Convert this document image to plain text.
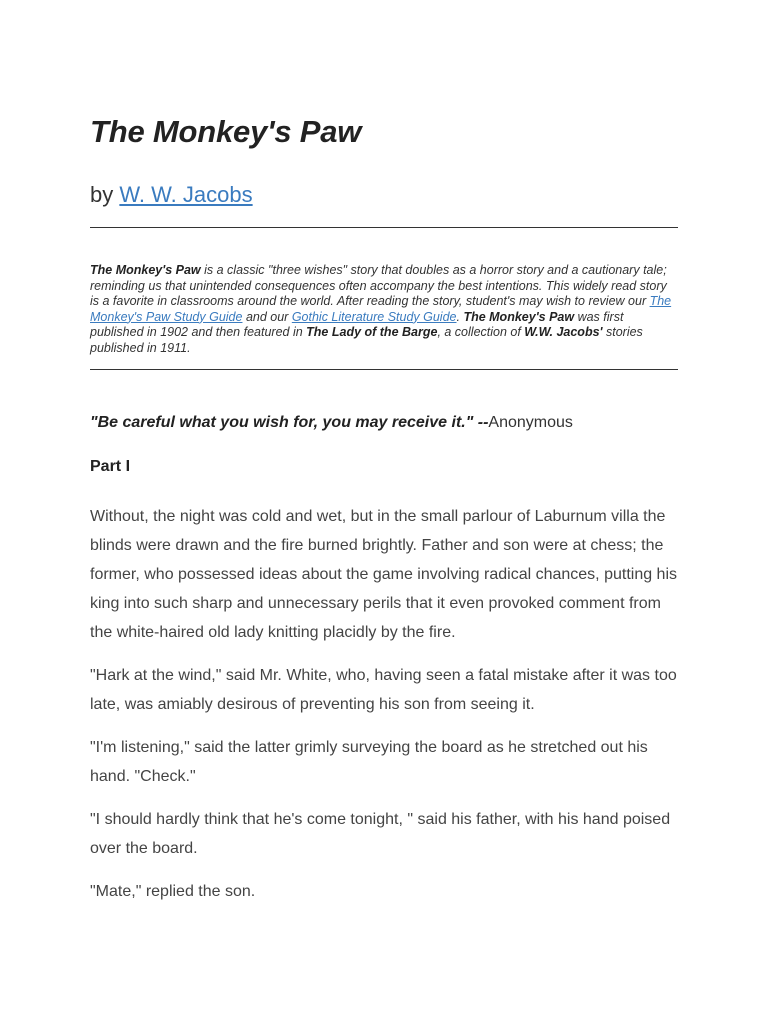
The Monkey's Paw
by W. W. Jacobs
The Monkey's Paw is a classic "three wishes" story that doubles as a horror story and a cautionary tale; reminding us that unintended consequences often accompany the best intentions. This widely read story is a favorite in classrooms around the world. After reading the story, student's may wish to review our The Monkey's Paw Study Guide and our Gothic Literature Study Guide. The Monkey's Paw was first published in 1902 and then featured in The Lady of the Barge, a collection of W.W. Jacobs' stories published in 1911.
"Be careful what you wish for, you may receive it." --Anonymous
Part I

Without, the night was cold and wet, but in the small parlour of Laburnum villa the blinds were drawn and the fire burned brightly. Father and son were at chess; the former, who possessed ideas about the game involving radical chances, putting his king into such sharp and unnecessary perils that it even provoked comment from the white-haired old lady knitting placidly by the fire.

"Hark at the wind," said Mr. White, who, having seen a fatal mistake after it was too late, was amiably desirous of preventing his son from seeing it.

"I'm listening," said the latter grimly surveying the board as he stretched out his hand. "Check."

"I should hardly think that he's come tonight, " said his father, with his hand poised over the board.

"Mate," replied the son.
